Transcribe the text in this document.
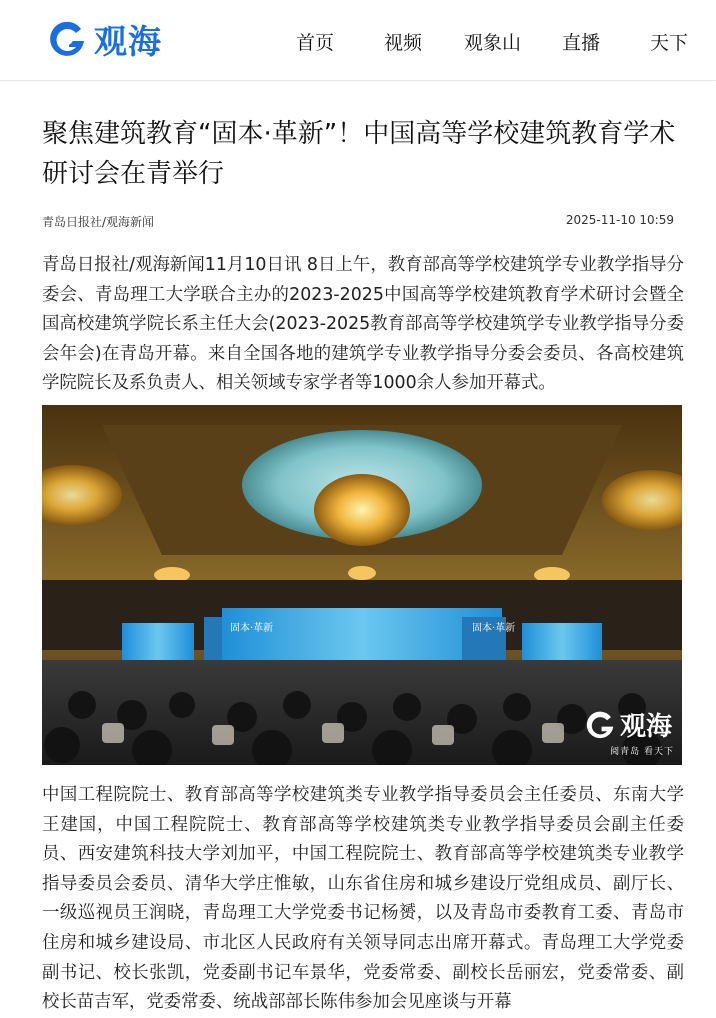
观海	首页	视频 观象山 直播	天下
聚焦建筑教育“固本·革新”！中国高等学校建筑教育学术研讨会在青举行
青岛日报社/观海新闻	2025-11-10 10:59

青岛日报社/观海新闻11月10日讯 8日上午，教育部高等学校建筑学专业教学指导分委会、青岛理工大学联合主办的2023-2025中国高等学校建筑教育学术研讨会暨全国高校建筑学院长系主任大会(2023-2025教育部高等学校建筑学专业教学指导分委会年会)在青岛开幕。来自全国各地的建筑学专业教学指导分委会委员、各高校建筑学院院长及系负责人、相关领域专家学者等1000余人参加开幕式。

固本·革新	固本·革新
观海
阅青岛 看天下

中国工程院院士、教育部高等学校建筑类专业教学指导委员会主任委员、东南大学王建国，中国工程院院士、教育部高等学校建筑类专业教学指导委员会副主任委员、西安建筑科技大学刘加平，中国工程院院士、教育部高等学校建筑类专业教学指导委员会委员、清华大学庄惟敏，山东省住房和城乡建设厅党组成员、副厅长、一级巡视员王润晓，青岛理工大学党委书记杨赟，以及青岛市委教育工委、青岛市住房和城乡建设局、市北区人民政府有关领导同志出席开幕式。青岛理工大学党委副书记、校长张凯，党委副书记车景华，党委常委、副校长岳丽宏，党委常委、副校长苗吉军，党委常委、统战部部长陈伟参加会见座谈与开幕
